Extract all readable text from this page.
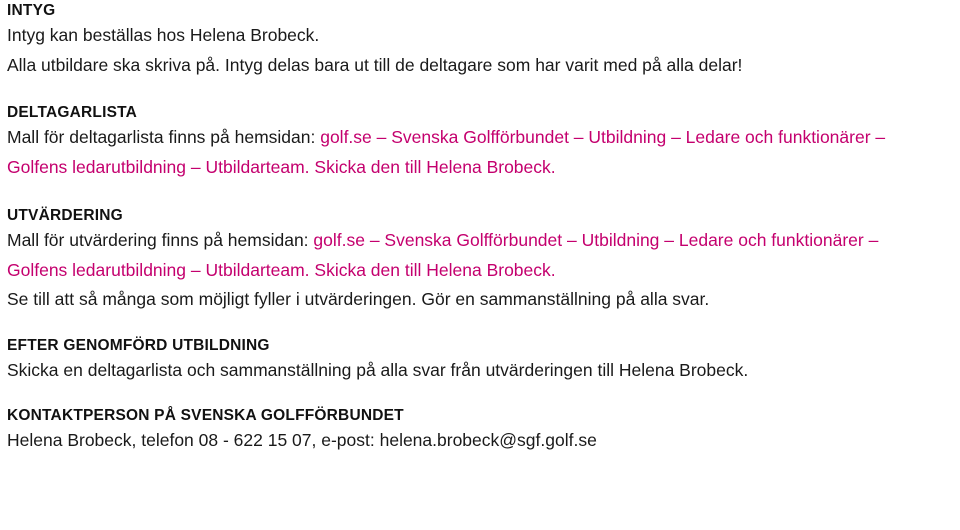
INTYG

Intyg kan beställas hos Helena Brobeck.

Alla utbildare ska skriva på. Intyg delas bara ut till de deltagare som har varit med på alla delar!

DELTAGARLISTA

Mall för deltagarlista finns på hemsidan: golf.se – Svenska Golfförbundet – Utbildning – Ledare och funktionärer –

Golfens ledarutbildning – Utbildarteam. Skicka den till Helena Brobeck.

UTVÄRDERING

Mall för utvärdering finns på hemsidan: golf.se – Svenska Golfförbundet – Utbildning – Ledare och funktionärer –

Golfens ledarutbildning – Utbildarteam. Skicka den till Helena Brobeck.

Se till att så många som möjligt fyller i utvärderingen. Gör en sammanställning på alla svar.

EFTER GENOMFÖRD UTBILDNING

Skicka en deltagarlista och sammanställning på alla svar från utvärderingen till Helena Brobeck.

KONTAKTPERSON PÅ SVENSKA GOLFFÖRBUNDET

Helena Brobeck, telefon 08 - 622 15 07, e-post: helena.brobeck@sgf.golf.se
